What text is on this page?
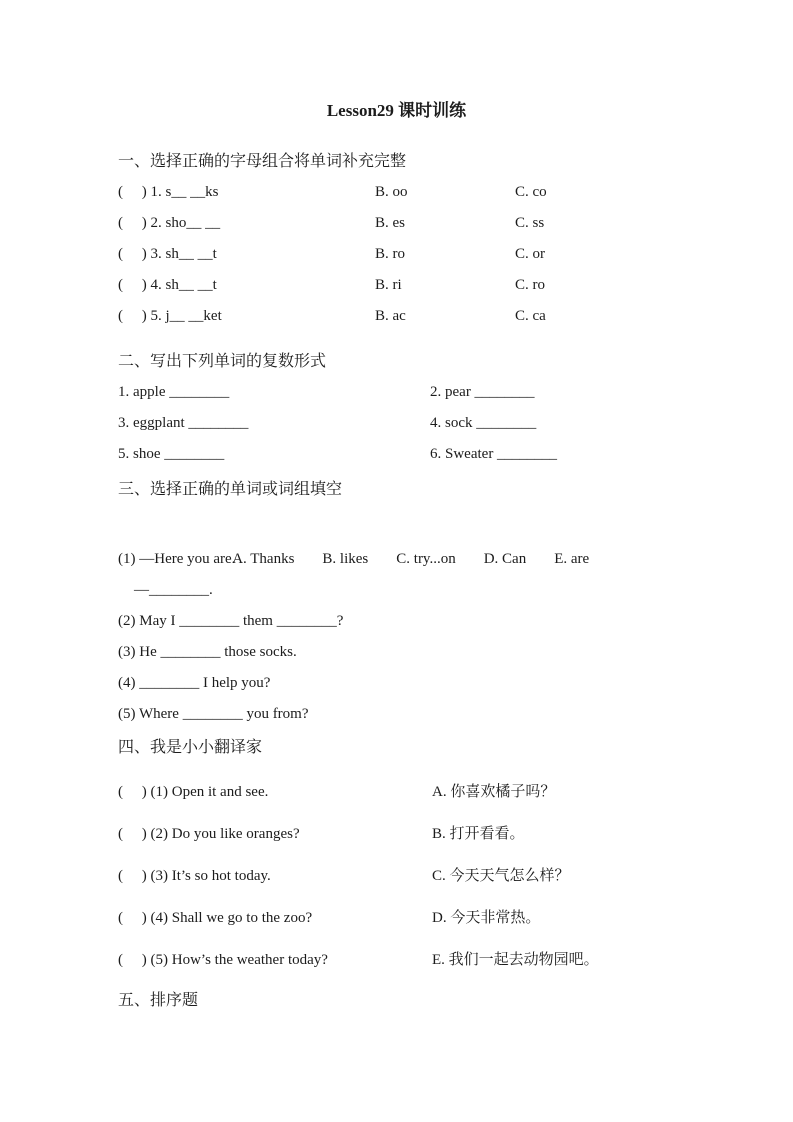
Lesson29 课时训练
一、选择正确的字母组合将单词补充完整
(     ) 1. s__ __ks	B. oo	C. co
(     ) 2. sho__ __	B. es	C. ss
(     ) 3. sh__ __t	B. ro	C. or
(     ) 4. sh__ __t	B. ri	C. ro
(     ) 5. j__ __ket	B. ac	C. ca
二、写出下列单词的复数形式
1. apple ________	2. pear ________
3. eggplant ________	4. sock ________
5. shoe ________	6. Sweater ________
三、选择正确的单词或词组填空

A. Thanks B. likes C. try...on D. Can E. are

(1) —Here you are.
—________.
(2) May I ________ them ________?
(3) He ________ those socks.
(4) ________ I help you?
(5) Where ________ you from?
四、我是小小翻译家
(     ) (1) Open it and see.	A. 你喜欢橘子吗？
(     ) (2) Do you like oranges?	B. 打开看看。
(     ) (3) It’s so hot today.	C. 今天天气怎么样？
(     ) (4) Shall we go to the zoo?	D. 今天非常热。
(     ) (5) How’s the weather today?	E. 我们一起去动物园吧。
五、排序题
